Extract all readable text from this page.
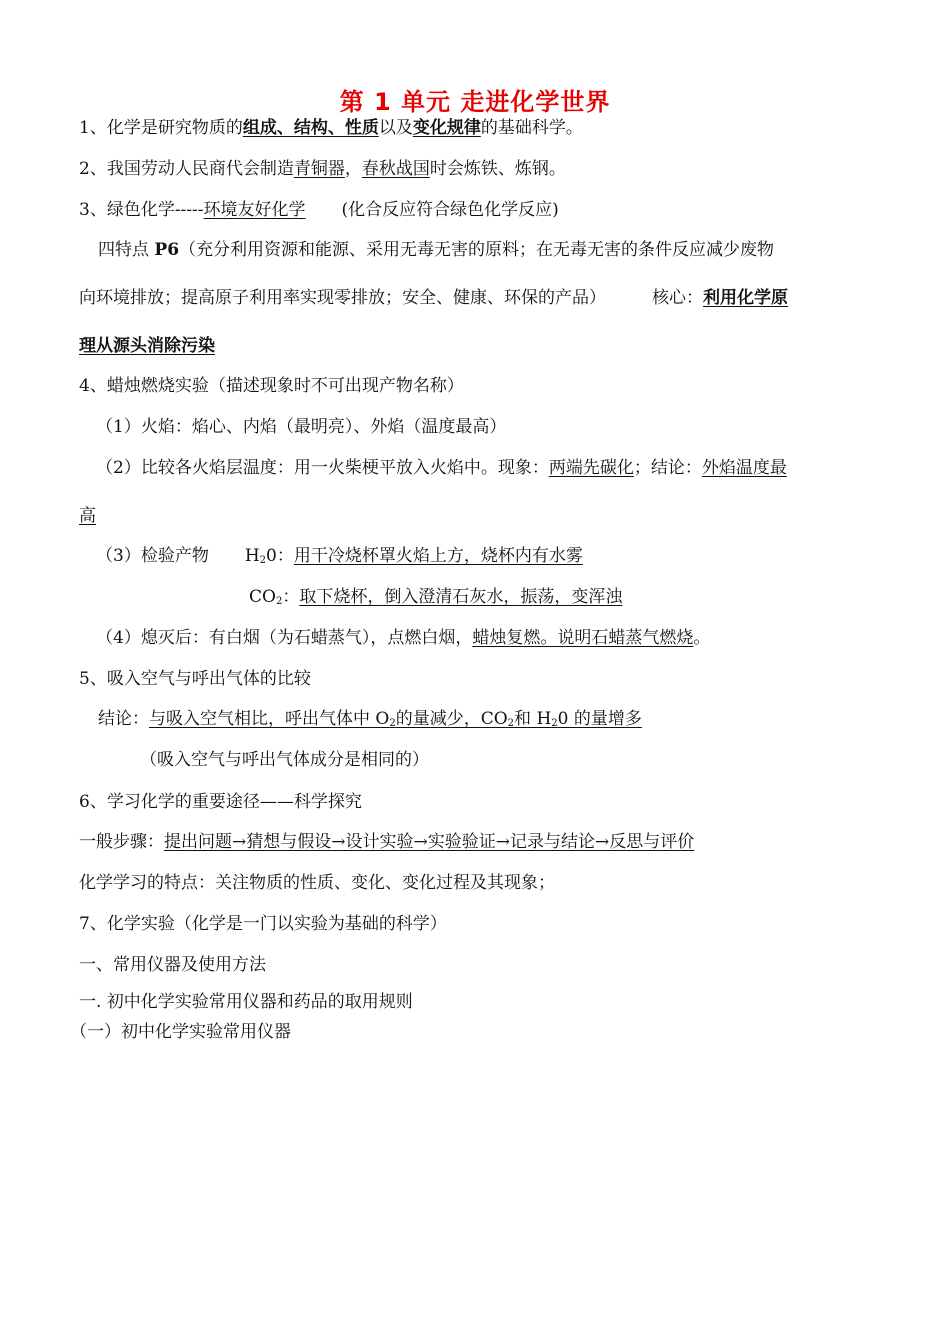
第 1 单元 走进化学世界
1、化学是研究物质的组成、结构、性质以及变化规律的基础科学。
2、我国劳动人民商代会制造青铜器，春秋战国时会炼铁、炼钢。
3、绿色化学-----环境友好化学 (化合反应符合绿色化学反应)
四特点 P6（充分利用资源和能源、采用无毒无害的原料；在无毒无害的条件反应减少废物
向环境排放；提高原子利用率实现零排放；安全、健康、环保的产品）	核心：利用化学原
理从源头消除污染
4、蜡烛燃烧实验（描述现象时不可出现产物名称）
（1）火焰：焰心、内焰（最明亮）、外焰（温度最高）
（2）比较各火焰层温度：用一火柴梗平放入火焰中。现象：两端先碳化；结论：外焰温度最
高
（3）检验产物 $H_20$：用干冷烧杯罩火焰上方，烧杯内有水雾
$CO_2$：取下烧杯，倒入澄清石灰水，振荡，变浑浊
（4）熄灭后：有白烟（为石蜡蒸气），点燃白烟，蜡烛复燃。说明石蜡蒸气燃烧。
5、吸入空气与呼出气体的比较
结论：与吸入空气相比，呼出气体中 $O_2$的量减少，$CO_2$和 $H_20$ 的量增多
（吸入空气与呼出气体成分是相同的）
6、学习化学的重要途径——科学探究
一般步骤：提出问题→猜想与假设→设计实验→实验验证→记录与结论→反思与评价
化学学习的特点：关注物质的性质、变化、变化过程及其现象；
7、化学实验（化学是一门以实验为基础的科学）
一、常用仪器及使用方法
一. 初中化学实验常用仪器和药品的取用规则
（一）初中化学实验常用仪器
